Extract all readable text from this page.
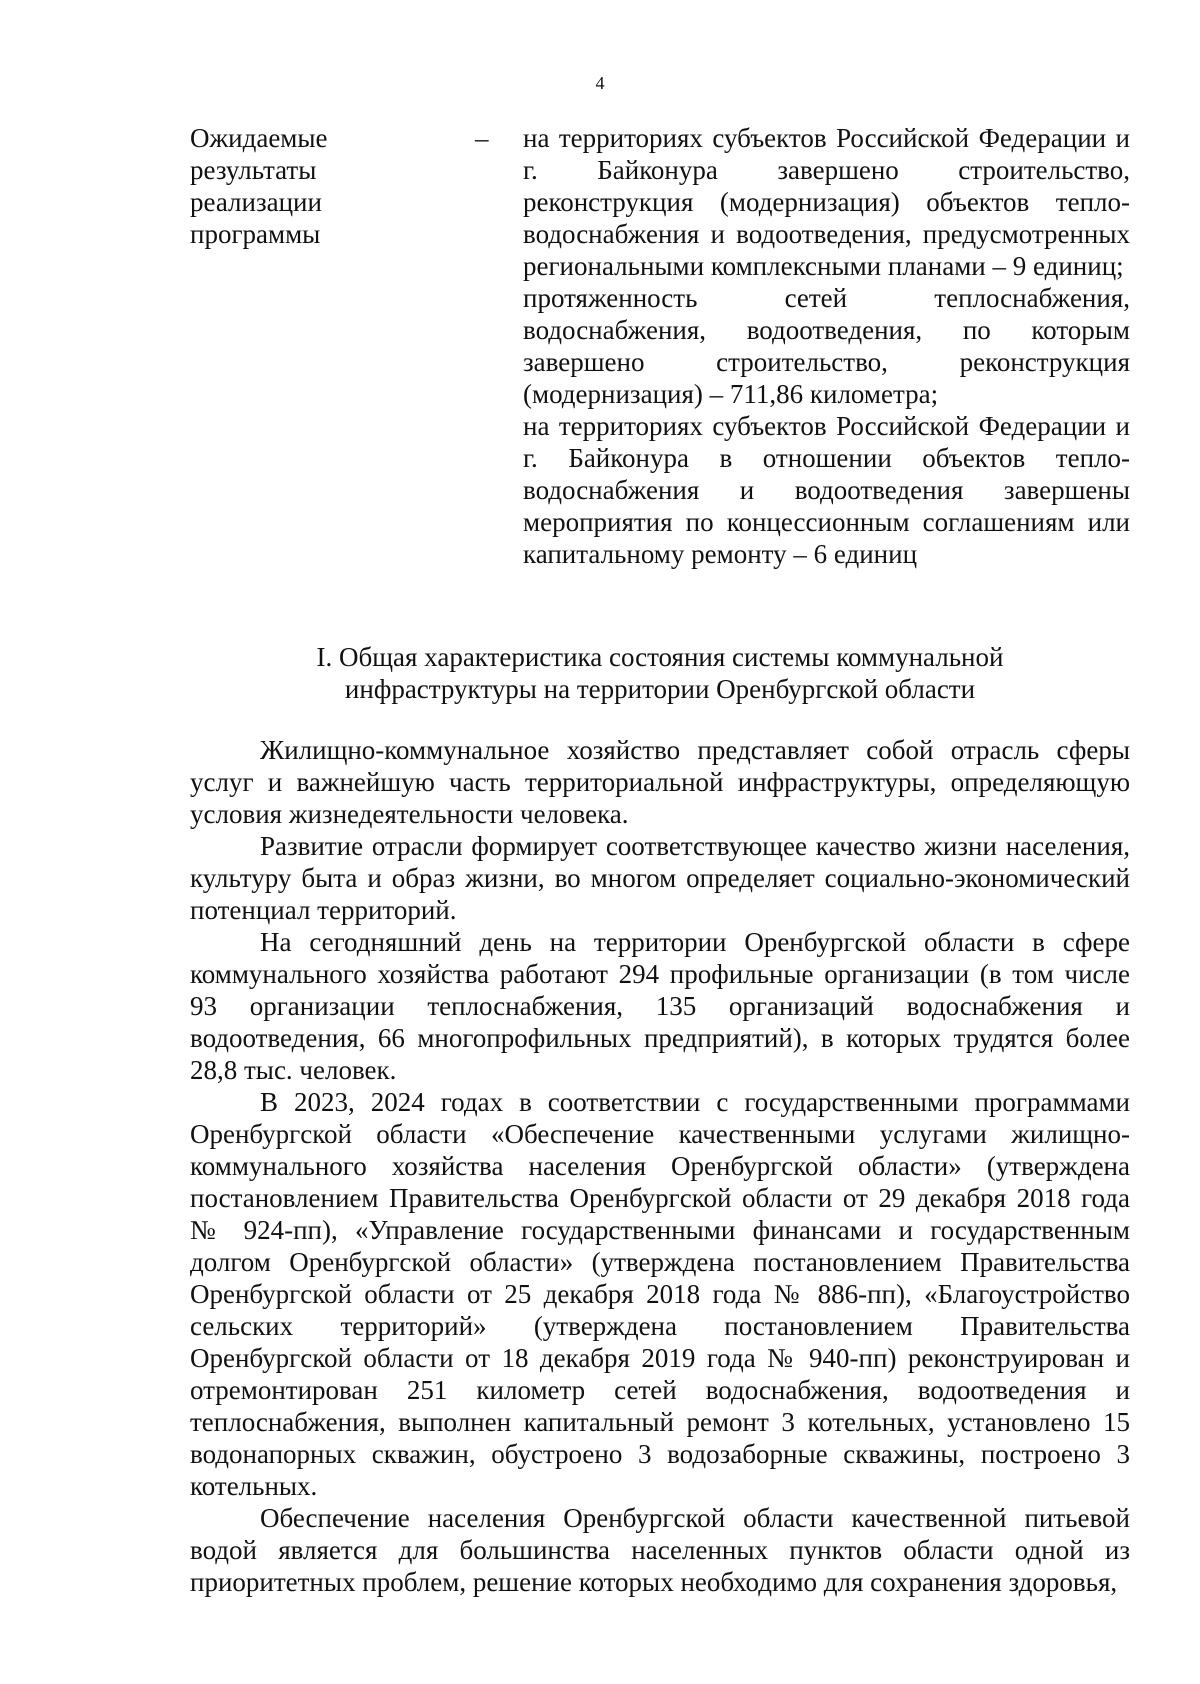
4
Ожидаемые
результаты
реализации
программы
– на территориях субъектов Российской Федерации и г. Байконура завершено строительство, реконструкция (модернизация) объектов тепло-водоснабжения и водоотведения, предусмотренных региональными комплексными планами – 9 единиц;

протяженность сетей теплоснабжения, водоснабжения, водоотведения, по которым завершено строительство, реконструкция (модернизация) – 711,86 километра;

на территориях субъектов Российской Федерации и г. Байконура в отношении объектов тепло-водоснабжения и водоотведения завершены мероприятия по концессионным соглашениям или капитальному ремонту – 6 единиц

I. Общая характеристика состояния системы коммунальной
инфраструктуры на территории Оренбургской области

Жилищно-коммунальное хозяйство представляет собой отрасль сферы услуг и важнейшую часть территориальной инфраструктуры, определяющую условия жизнедеятельности человека.

Развитие отрасли формирует соответствующее качество жизни населения, культуру быта и образ жизни, во многом определяет социально-экономический потенциал территорий.

На сегодняшний день на территории Оренбургской области в сфере коммунального хозяйства работают 294 профильные организации (в том числе 93 организации теплоснабжения, 135 организаций водоснабжения и водоотведения, 66 многопрофильных предприятий), в которых трудятся более 28,8 тыс. человек.

В 2023, 2024 годах в соответствии с государственными программами Оренбургской области «Обеспечение качественными услугами жилищно-коммунального хозяйства населения Оренбургской области» (утверждена постановлением Правительства Оренбургской области от 29 декабря 2018 года № 924-пп), «Управление государственными финансами и государственным долгом Оренбургской области» (утверждена постановлением Правительства Оренбургской области от 25 декабря 2018 года № 886-пп), «Благоустройство сельских территорий» (утверждена постановлением Правительства Оренбургской области от 18 декабря 2019 года № 940-пп) реконструирован и отремонтирован 251 километр сетей водоснабжения, водоотведения и теплоснабжения, выполнен капитальный ремонт 3 котельных, установлено 15 водонапорных скважин, обустроено 3 водозаборные скважины, построено 3 котельных.

Обеспечение населения Оренбургской области качественной питьевой водой является для большинства населенных пунктов области одной из приоритетных проблем, решение которых необходимо для сохранения здоровья,
